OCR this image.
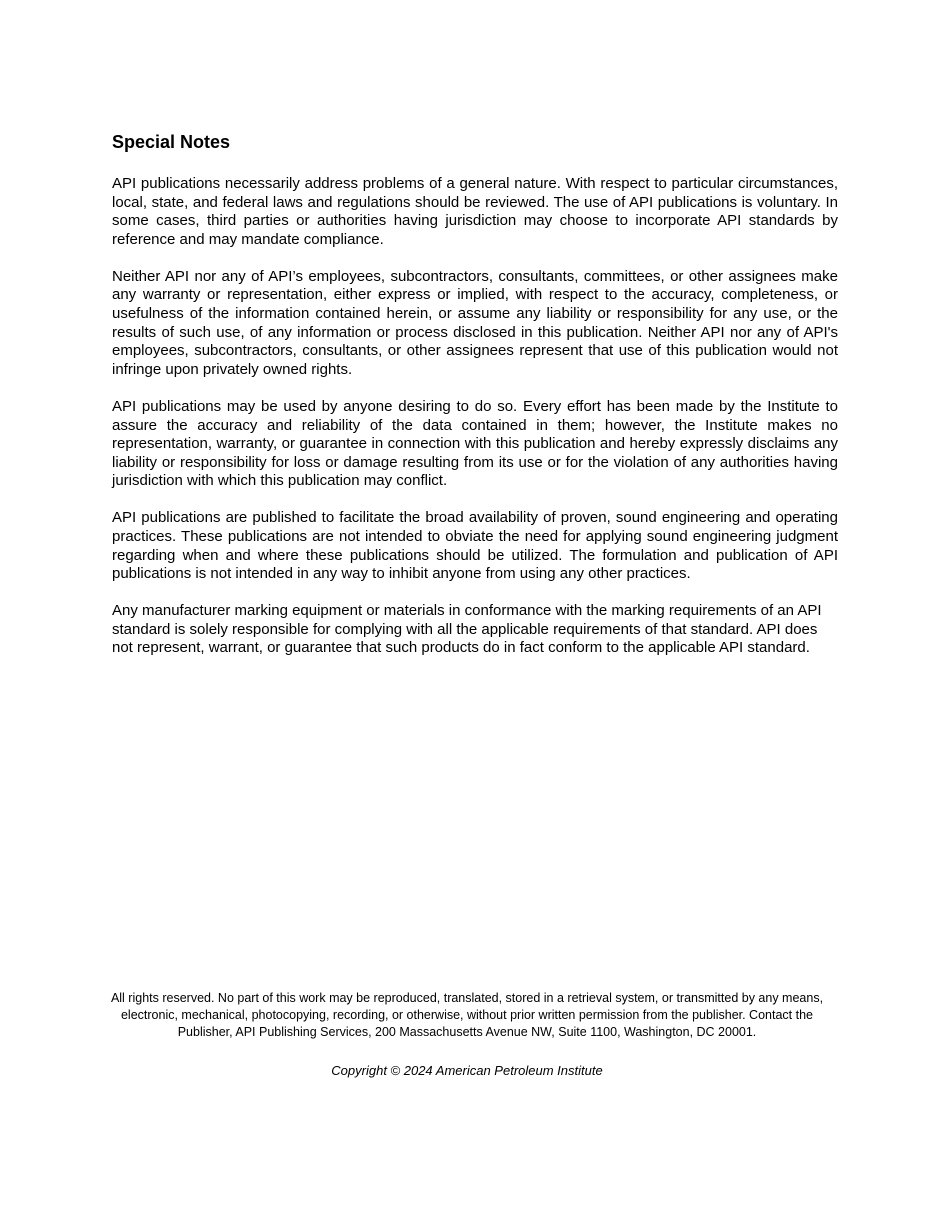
Special Notes

API publications necessarily address problems of a general nature. With respect to particular circumstances, local, state, and federal laws and regulations should be reviewed. The use of API publications is voluntary. In some cases, third parties or authorities having jurisdiction may choose to incorporate API standards by reference and may mandate compliance.

Neither API nor any of API’s employees, subcontractors, consultants, committees, or other assignees make any warranty or representation, either express or implied, with respect to the accuracy, completeness, or usefulness of the information contained herein, or assume any liability or responsibility for any use, or the results of such use, of any information or process disclosed in this publication. Neither API nor any of API's employees, subcontractors, consultants, or other assignees represent that use of this publication would not infringe upon privately owned rights.

API publications may be used by anyone desiring to do so. Every effort has been made by the Institute to assure the accuracy and reliability of the data contained in them; however, the Institute makes no representation, warranty, or guarantee in connection with this publication and hereby expressly disclaims any liability or responsibility for loss or damage resulting from its use or for the violation of any authorities having jurisdiction with which this publication may conflict.

API publications are published to facilitate the broad availability of proven, sound engineering and operating practices. These publications are not intended to obviate the need for applying sound engineering judgment regarding when and where these publications should be utilized. The formulation and publication of API publications is not intended in any way to inhibit anyone from using any other practices.

Any manufacturer marking equipment or materials in conformance with the marking requirements of an API standard is solely responsible for complying with all the applicable requirements of that standard. API does not represent, warrant, or guarantee that such products do in fact conform to the applicable API standard.

All rights reserved. No part of this work may be reproduced, translated, stored in a retrieval system, or transmitted by any means, electronic, mechanical, photocopying, recording, or otherwise, without prior written permission from the publisher. Contact the Publisher, API Publishing Services, 200 Massachusetts Avenue NW, Suite 1100, Washington, DC 20001.

Copyright © 2024 American Petroleum Institute
